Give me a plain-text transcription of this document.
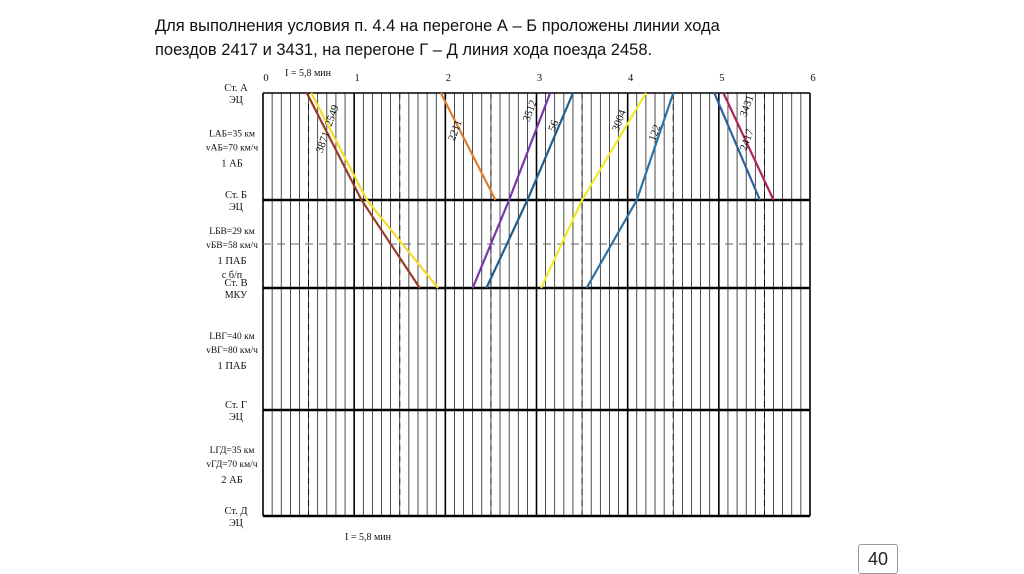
Для выполнения условия п. 4.4 на перегоне А – Б проложены линии хода
поездов 2417 и 3431, на перегоне Г – Д линия хода поезда 2458.
2549
3871	2211
3512
56	3004 122
3431
2417
0	1	2	3	4	5	6
I = 5,8 мин
I = 5,8 мин
Ст. А
ЭЦ
Ст. Б
ЭЦ
Ст. В
МКУ
Ст. Г
ЭЦ
Ст. Д
ЭЦ
LАБ=35 км
vАБ=70 км/ч
1 АБ
LБВ=29 км
vБВ=58 км/ч
1 ПАБ
с б/п
LВГ=40 км
vВГ=80 км/ч
1 ПАБ
LГД=35 км
vГД=70 км/ч
2 АБ
40
